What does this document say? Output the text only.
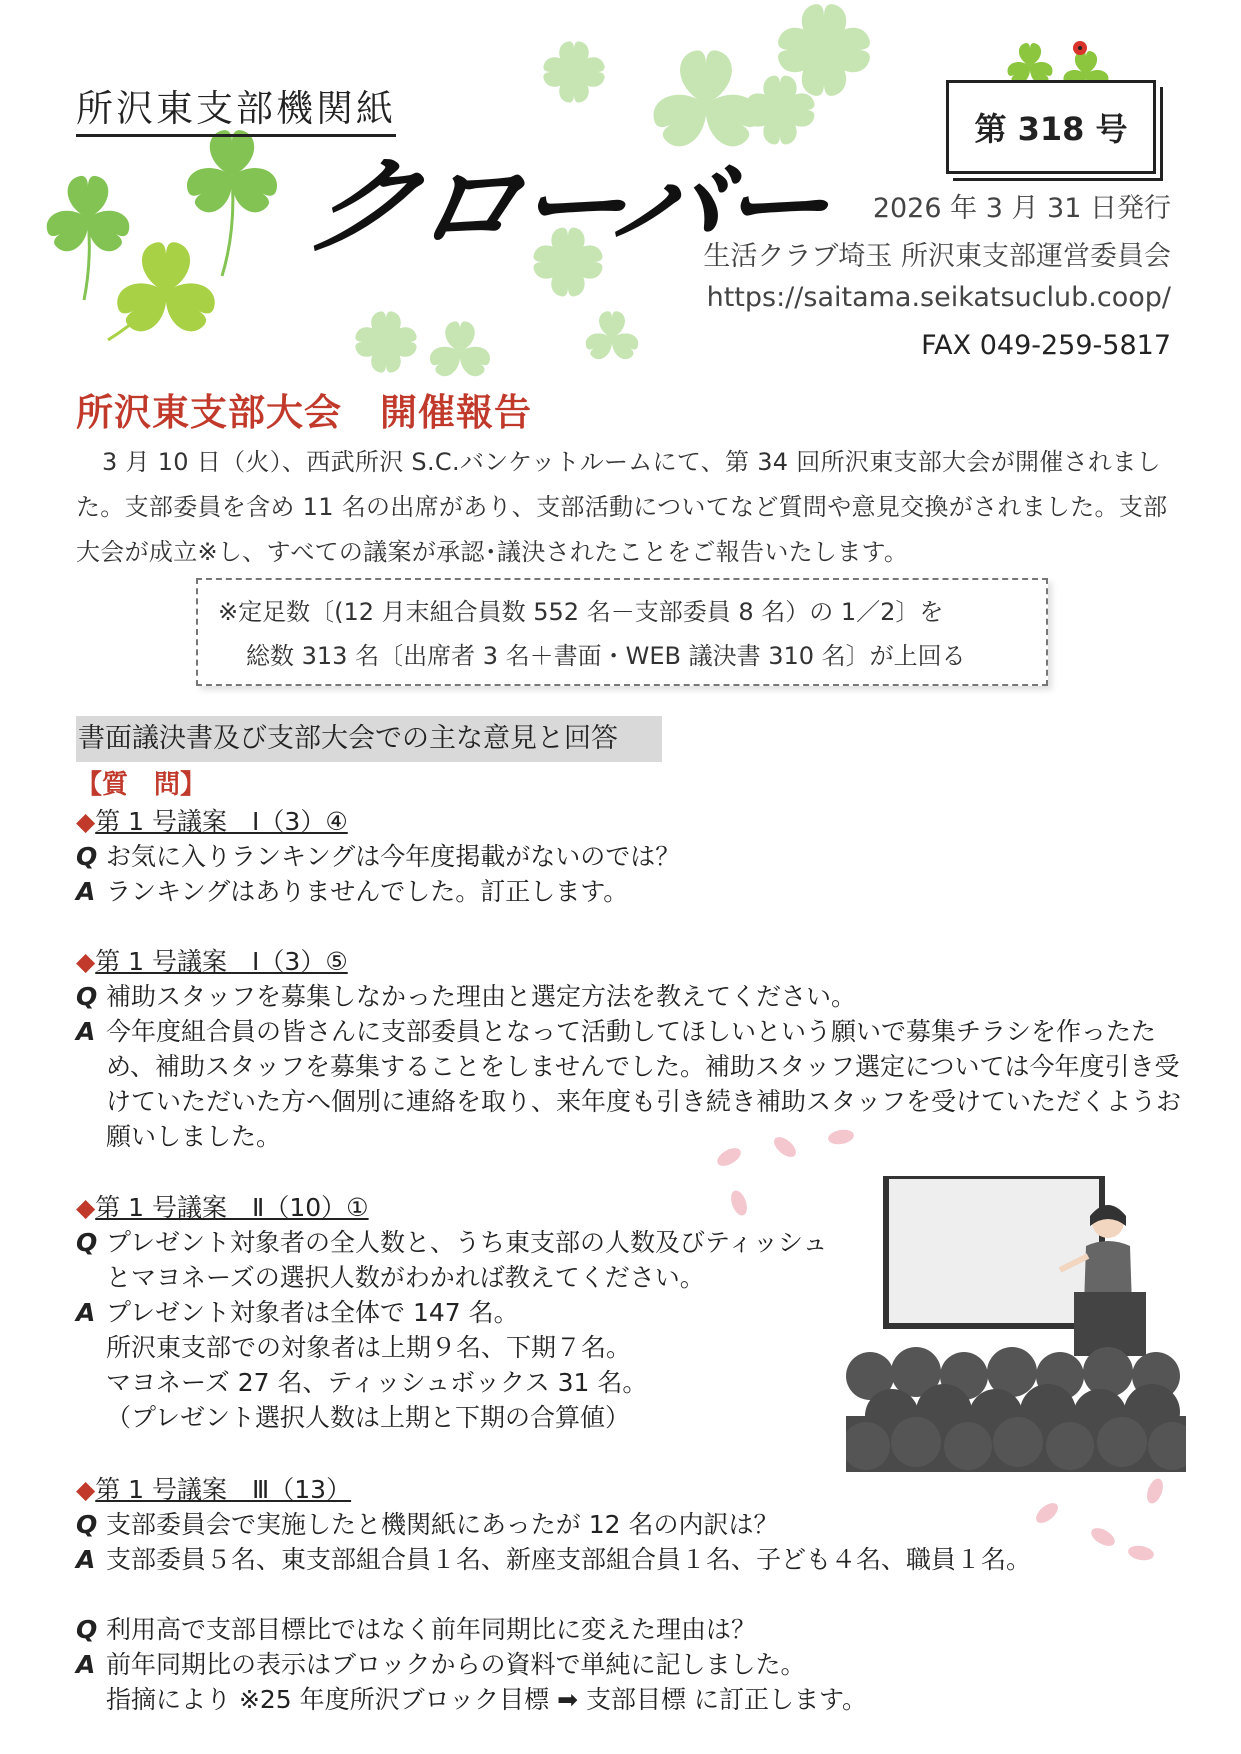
所沢東支部機関紙
クローバー
第 318 号
2026 年 3 月 31 日発行
生活クラブ埼玉 所沢東支部運営委員会
https://saitama.seikatsuclub.coop/
FAX 049-259-5817
所沢東支部大会　開催報告
3 月 10 日（火）、西武所沢 S.C.バンケットルームにて、第 34 回所沢東支部大会が開催されました。支部委員を含め 11 名の出席があり、支部活動についてなど質問や意見交換がされました。支部大会が成立※し、すべての議案が承認･議決されたことをご報告いたします。
※定足数〔(12 月末組合員数 552 名－支部委員 8 名）の 1／2〕を
総数 313 名〔出席者 3 名＋書面・WEB 議決書 310 名〕が上回る
書面議決書及び支部大会での主な意見と回答
【質　問】
◆第 1 号議案　Ⅰ（3）④
Q お気に入りランキングは今年度掲載がないのでは？
A ランキングはありませんでした。訂正します。
◆第 1 号議案　Ⅰ（3）⑤
Q 補助スタッフを募集しなかった理由と選定方法を教えてください。
A 今年度組合員の皆さんに支部委員となって活動してほしいという願いで募集チラシを作ったため、補助スタッフを募集することをしませんでした。補助スタッフ選定については今年度引き受けていただいた方へ個別に連絡を取り、来年度も引き続き補助スタッフを受けていただくようお願いしました。
◆第 1 号議案　Ⅱ（10）①
Q プレゼント対象者の全人数と、うち東支部の人数及びティッシュとマヨネーズの選択人数がわかれば教えてください。
A プレゼント対象者は全体で 147 名。
所沢東支部での対象者は上期９名、下期７名。
マヨネーズ 27 名、ティッシュボックス 31 名。
（プレゼント選択人数は上期と下期の合算値）
◆第 1 号議案　Ⅲ（13）
Q 支部委員会で実施したと機関紙にあったが 12 名の内訳は？
A 支部委員５名、東支部組合員１名、新座支部組合員１名、子ども４名、職員１名。
Q 利用高で支部目標比ではなく前年同期比に変えた理由は？
A 前年同期比の表示はブロックからの資料で単純に記しました。
指摘により ※25 年度所沢ブロック目標 ➡ 支部目標 に訂正します。
